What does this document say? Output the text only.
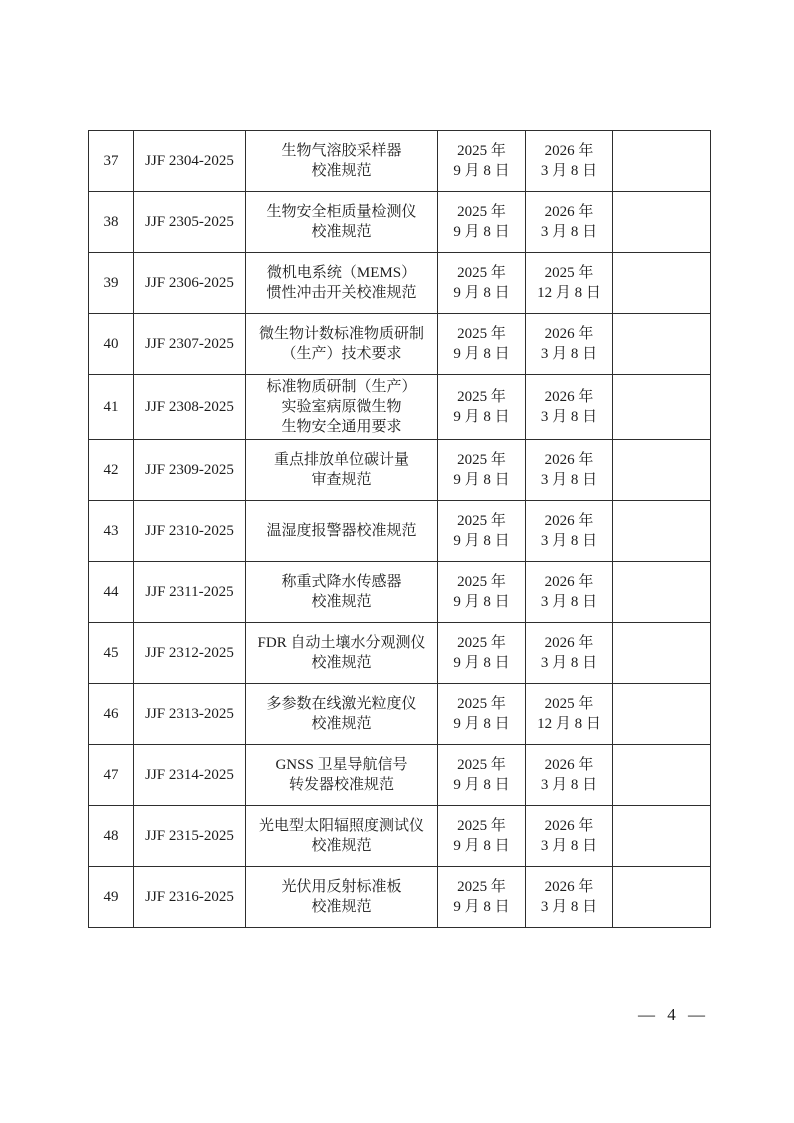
37	JJF 2304-2025	生物气溶胶采样器
校准规范	2025 年
9 月 8 日	2026 年
3 月 8 日	
38	JJF 2305-2025	生物安全柜质量检测仪
校准规范	2025 年
9 月 8 日	2026 年
3 月 8 日	
39	JJF 2306-2025	微机电系统（MEMS）
惯性冲击开关校准规范	2025 年
9 月 8 日	2025 年
12 月 8 日	
40	JJF 2307-2025	微生物计数标准物质研制
（生产）技术要求	2025 年
9 月 8 日	2026 年
3 月 8 日	
41	JJF 2308-2025	标准物质研制（生产）
实验室病原微生物
生物安全通用要求	2025 年
9 月 8 日	2026 年
3 月 8 日	
42	JJF 2309-2025	重点排放单位碳计量
审查规范	2025 年
9 月 8 日	2026 年
3 月 8 日	
43	JJF 2310-2025	温湿度报警器校准规范	2025 年
9 月 8 日	2026 年
3 月 8 日	
44	JJF 2311-2025	称重式降水传感器
校准规范	2025 年
9 月 8 日	2026 年
3 月 8 日	
45	JJF 2312-2025	FDR 自动土壤水分观测仪
校准规范	2025 年
9 月 8 日	2026 年
3 月 8 日	
46	JJF 2313-2025	多参数在线激光粒度仪
校准规范	2025 年
9 月 8 日	2025 年
12 月 8 日	
47	JJF 2314-2025	GNSS 卫星导航信号
转发器校准规范	2025 年
9 月 8 日	2026 年
3 月 8 日	
48	JJF 2315-2025	光电型太阳辐照度测试仪
校准规范	2025 年
9 月 8 日	2026 年
3 月 8 日	
49	JJF 2316-2025	光伏用反射标准板
校准规范	2025 年
9 月 8 日	2026 年
3 月 8 日	
— 4 —
